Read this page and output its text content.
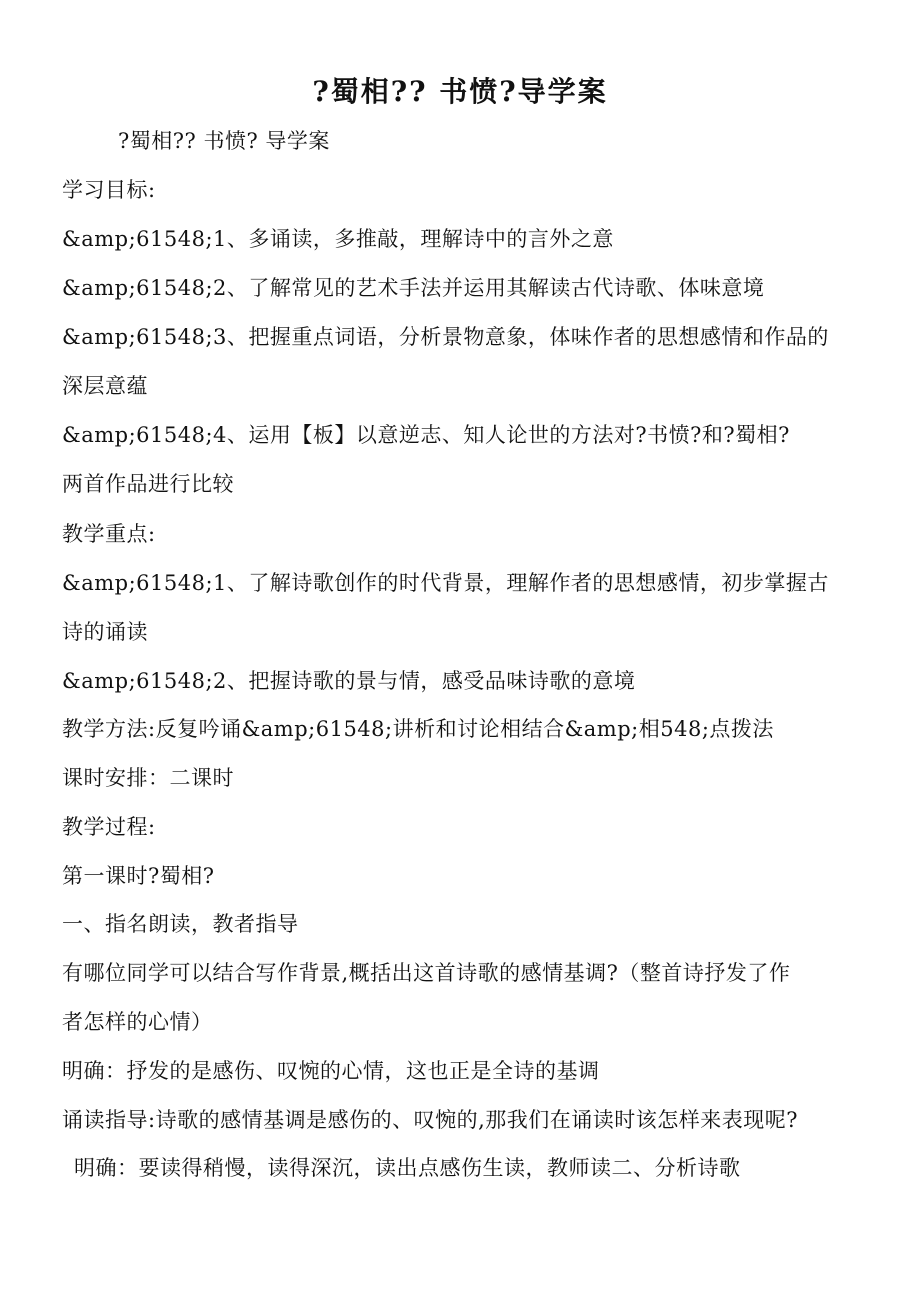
?蜀相?? 书愤?导学案
?蜀相?? 书愤? 导学案
学习目标:
&amp;61548;1、多诵读，多推敲，理解诗中的言外之意
&amp;61548;2、了解常见的艺术手法并运用其解读古代诗歌、体味意境
&amp;61548;3、把握重点词语，分析景物意象，体味作者的思想感情和作品的
深层意蕴
&amp;61548;4、运用【板】以意逆志、知人论世的方法对?书愤?和?蜀相?
两首作品进行比较
教学重点:
&amp;61548;1、了解诗歌创作的时代背景，理解作者的思想感情，初步掌握古
诗的诵读
&amp;61548;2、把握诗歌的景与情，感受品味诗歌的意境
教学方法:反复吟诵&amp;61548;讲析和讨论相结合&amp;相548;点拨法
课时安排：二课时
教学过程:
第一课时?蜀相?
一、指名朗读，教者指导
有哪位同学可以结合写作背景,概括出这首诗歌的感情基调?（整首诗抒发了作
者怎样的心情）
明确：抒发的是感伤、叹惋的心情，这也正是全诗的基调
诵读指导:诗歌的感情基调是感伤的、叹惋的,那我们在诵读时该怎样来表现呢?
明确：要读得稍慢，读得深沉，读出点感伤生读，教师读二、分析诗歌
